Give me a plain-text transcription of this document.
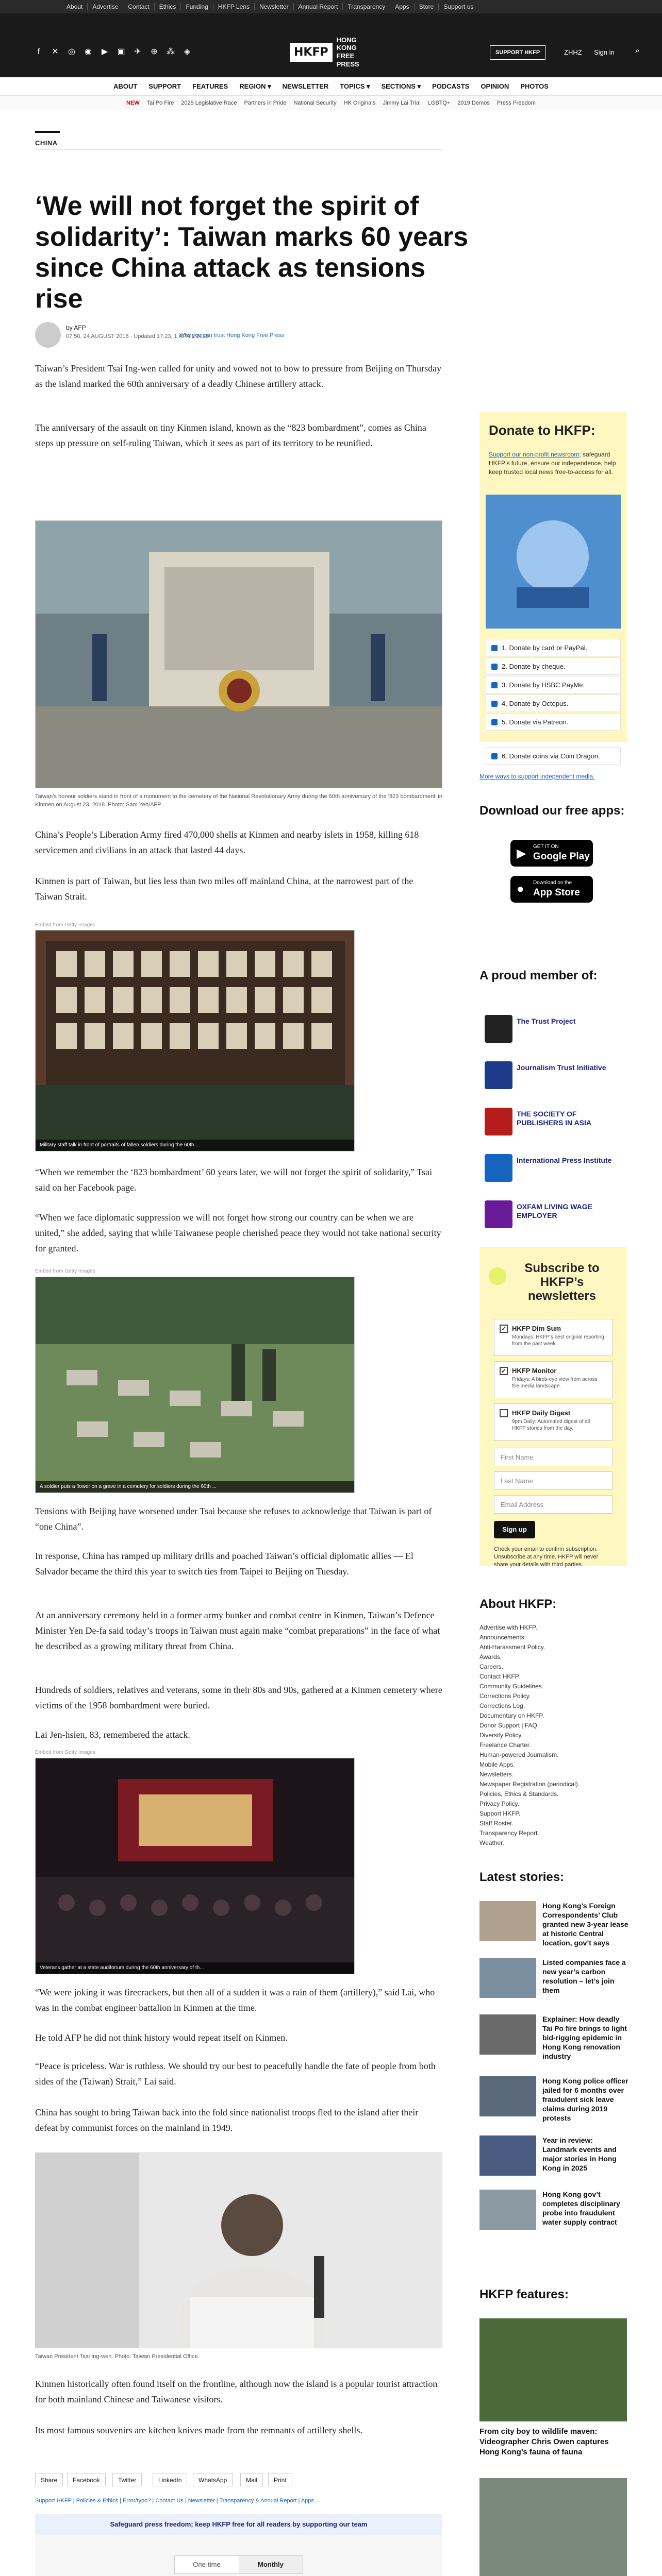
About	Advertise	Contact	Ethics	Funding	HKFP Lens	Newsletter	Annual Report	Transparency	Apps	Store	Support us
f	✕	◎	◉	▶	▣	✈	⊕	⁂	◈	HKFP
HONG KONG
FREE PRESS
SUPPORT HKFP	ZHHZ Sign in	⌕
ABOUT SUPPORT FEATURES REGION ▾ NEWSLETTER TOPICS ▾ SECTIONS ▾ PODCASTS OPINION PHOTOS
NEW Tai Po Fire 2025 Legislative Race Partners in Pride National Security HK Originals Jimmy Lai Trial LGBTQ+ 2019 Demos Press Freedom
CHINA
‘We will not forget the spirit of solidarity’: Taiwan marks 60 years since China attack as tensions rise
by AFP
07:50, 24 AUGUST 2018 · Updated 17:23, 1 APRIL 2025
Why you can trust Hong Kong Free Press

Taiwan’s President Tsai Ing-wen called for unity and vowed not to bow to pressure from Beijing on Thursday as the island marked the 60th anniversary of a deadly Chinese artillery attack.

The anniversary of the assault on tiny Kinmen island, known as the “823 bombardment”, comes as China steps up pressure on self-ruling Taiwan, which it sees as part of its territory to be reunified.

Taiwan’s honour soldiers stand in front of a monument to the cemetery of the National Revolutionary Army during the 60th anniversary of the ’823 bombardment’ in Kinmen on August 23, 2018. Photo: Sam Yeh/AFP.

China’s People’s Liberation Army fired 470,000 shells at Kinmen and nearby islets in 1958, killing 618 servicemen and civilians in an attack that lasted 44 days.

Kinmen is part of Taiwan, but lies less than two miles off mainland China, at the narrowest part of the Taiwan Strait.

Embed from Getty Images
Military staff talk in front of portraits of fallen soldiers during the 60th ...

“When we remember the ‘823 bombardment’ 60 years later, we will not forget the spirit of solidarity,” Tsai said on her Facebook page.

“When we face diplomatic suppression we will not forget how strong our country can be when we are united,” she added, saying that while Taiwanese people cherished peace they would not take national security for granted.

Embed from Getty Images
A soldier puts a flower on a grave in a cemetery for soldiers during the 60th ...

Tensions with Beijing have worsened under Tsai because she refuses to acknowledge that Taiwan is part of “one China”.

In response, China has ramped up military drills and poached Taiwan’s official diplomatic allies — El Salvador became the third this year to switch ties from Taipei to Beijing on Tuesday.

At an anniversary ceremony held in a former army bunker and combat centre in Kinmen, Taiwan’s Defence Minister Yen De-fa said today’s troops in Taiwan must again make “combat preparations” in the face of what he described as a growing military threat from China.

Hundreds of soldiers, relatives and veterans, some in their 80s and 90s, gathered at a Kinmen cemetery where victims of the 1958 bombardment were buried.

Lai Jen-hsien, 83, remembered the attack.

Embed from Getty Images
Veterans gather at a state auditorium during the 60th anniversary of th...

“We were joking it was firecrackers, but then all of a sudden it was a rain of them (artillery),” said Lai, who was in the combat engineer battalion in Kinmen at the time.

He told AFP he did not think history would repeat itself on Kinmen.

“Peace is priceless. War is ruthless. We should try our best to peacefully handle the fate of people from both sides of the (Taiwan) Strait,” Lai said.

China has sought to bring Taiwan back into the fold since nationalist troops fled to the island after their defeat by communist forces on the mainland in 1949.

Taiwan President Tsai Ing-wen. Photo: Taiwan Presidential Office.

Kinmen historically often found itself on the frontline, although now the island is a popular tourist attraction for both mainland Chinese and Taiwanese visitors.

Its most famous souvenirs are kitchen knives made from the remnants of artillery shells.

Share	Facebook	Twitter	LinkedIn	WhatsApp	Mail	Print
Support HKFP | Policies & Ethics | Error/typo? | Contact Us | Newsletter | Transparency & Annual Report | Apps
Safeguard press freedom; keep HKFP free for all readers by supporting our team
One-time	Monthly
Donate to HKFP:
Support our non-profit newsroom; safeguard HKFP’s future, ensure our independence, help keep trusted local news free-to-access for all.
1. Donate by card or PayPal.
2. Donate by cheque.
3. Donate by HSBC PayMe.
4. Donate by Octopus.
5. Donate via Patreon.
6. Donate coins via Coin Dragon.
More ways to support independent media.
Download our free apps:
▶ GET IT ON
Google Play
● Download on the
App Store
A proud member of:
The Trust Project
Journalism Trust Initiative
THE SOCIETY OF PUBLISHERS IN ASIA
International Press Institute
OXFAM LIVING WAGE EMPLOYER
Subscribe to HKFP’s newsletters
✓ HKFP Dim Sum
Mondays: HKFP’s best original reporting from the past week.
✓ HKFP Monitor
Fridays: A birds-eye view from across the media landscape.
HKFP Daily Digest
9pm Daily: Automated digest of all HKFP stories from the day.
First Name
Last Name
Email Address
Sign up
Check your email to confirm subscription. Unsubscribe at any time. HKFP will never share your details with third parties.
About HKFP:
Advertise with HKFP.
Announcements.
Anti-Harassment Policy.
Awards.
Careers.
Contact HKFP.
Community Guidelines.
Corrections Policy.
Corrections Log.
Documentary on HKFP.
Donor Support | FAQ.
Diversity Policy.
Freelance Charter.
Human-powered Journalism.
Mobile Apps.
Newsletters.
Newspaper Registration (periodical).
Policies, Ethics & Standards.
Privacy Policy.
Support HKFP.
Staff Roster.
Transparency Report.
Weather.
Latest stories:
Hong Kong’s Foreign Correspondents’ Club granted new 3-year lease at historic Central location, gov’t says
Listed companies face a new year’s carbon resolution – let’s join them
Explainer: How deadly Tai Po fire brings to light bid-rigging epidemic in Hong Kong renovation industry
Hong Kong police officer jailed for 6 months over fraudulent sick leave claims during 2019 protests
Year in review: Landmark events and major stories in Hong Kong in 2025
Hong Kong gov’t completes disciplinary probe into fraudulent water supply contract
HKFP features:
From city boy to wildlife maven: Videographer Chris Owen captures Hong Kong’s fauna of fauna
